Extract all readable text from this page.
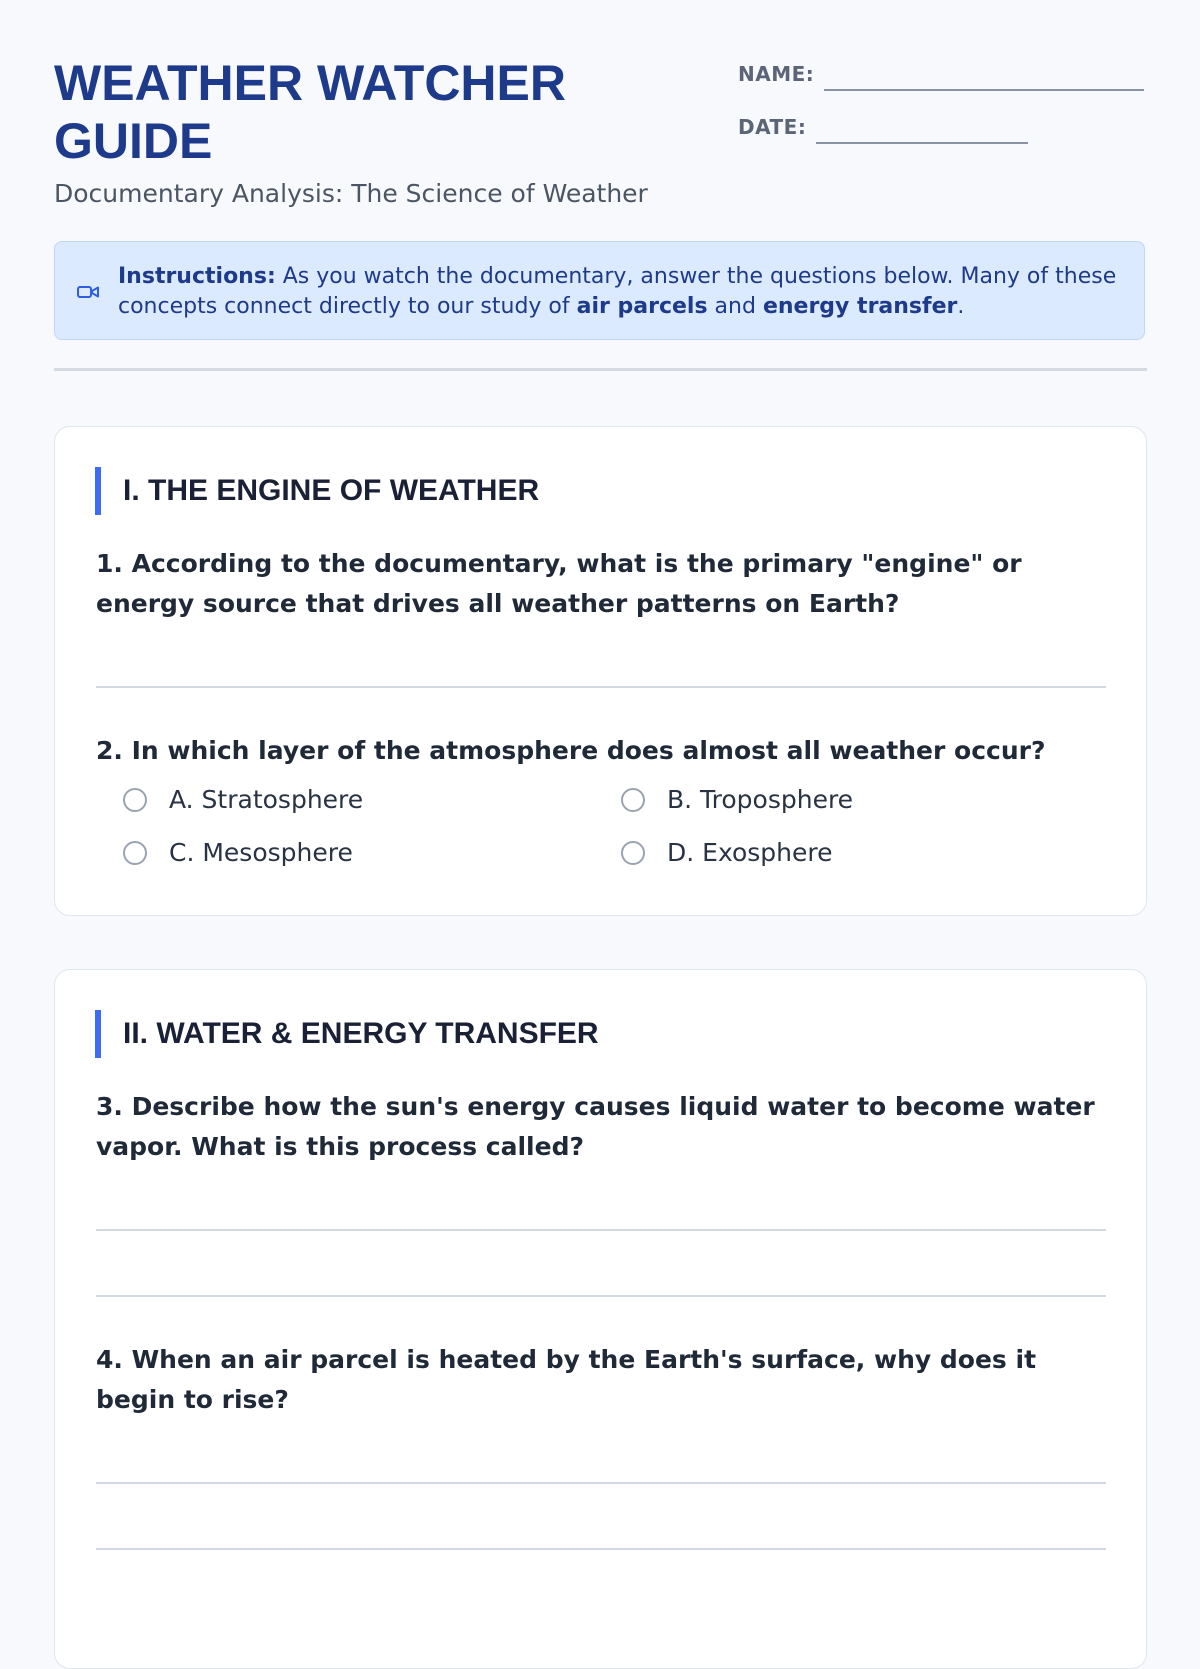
WEATHER WATCHER GUIDE

Documentary Analysis: The Science of Weather

NAME:
DATE:
Instructions: As you watch the documentary, answer the questions below. Many of these concepts connect directly to our study of air parcels and energy transfer.
I. THE ENGINE OF WEATHER

1. According to the documentary, what is the primary "engine" or energy source that drives all weather patterns on Earth?

2. In which layer of the atmosphere does almost all weather occur?

A. Stratosphere	B. Troposphere
C. Mesosphere	D. Exosphere
II. WATER & ENERGY TRANSFER

3. Describe how the sun's energy causes liquid water to become water vapor. What is this process called?

4. When an air parcel is heated by the Earth's surface, why does it begin to rise?
